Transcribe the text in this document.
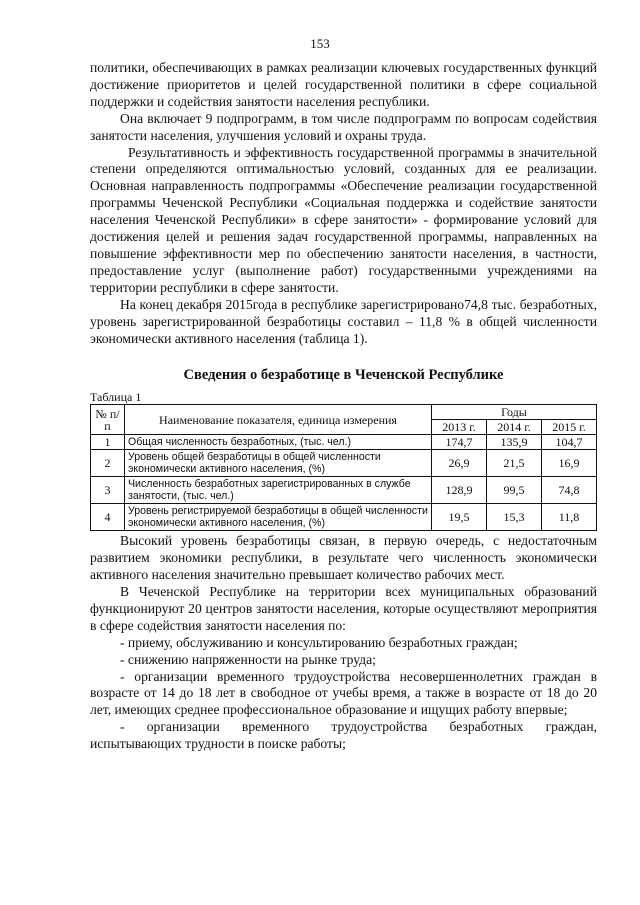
153

политики, обеспечивающих в рамках реализации ключевых государственных функций достижение приоритетов и целей государственной политики в сфере социальной поддержки и содействия занятости населения республики.

Она включает 9 подпрограмм, в том числе подпрограмм по вопросам содействия занятости населения, улучшения условий и охраны труда.

Результативность и эффективность государственной программы в значительной степени определяются оптимальностью условий, созданных для ее реализации. Основная направленность подпрограммы «Обеспечение реализации государственной программы Чеченской Республики «Социальная поддержка и содействие занятости населения Чеченской Республики» в сфере занятости» - формирование условий для достижения целей и решения задач государственной программы, направленных на повышение эффективности мер по обеспечению занятости населения, в частности, предоставление услуг (выполнение работ) государственными учреждениями на территории республики в сфере занятости.

На конец декабря 2015года в республике зарегистрировано74,8 тыс. безработных, уровень зарегистрированной безработицы составил – 11,8 % в общей численности экономически активного населения (таблица 1).

Сведения о безработице в Чеченской Республике
Таблица 1
№ п/п	Наименование показателя, единица измерения	Годы		
		2013 г.	2014 г.	2015 г.
1	Общая численность безработных, (тыс. чел.)	174,7	135,9	104,7
2	Уровень общей безработицы в общей численности экономически активного населения, (%)	26,9	21,5	16,9
3	Численность безработных зарегистрированных в службе занятости, (тыс. чел.)	128,9	99,5	74,8
4	Уровень регистрируемой безработицы в общей численности экономически активного населения, (%)	19,5	15,3	11,8

Высокий уровень безработицы связан, в первую очередь, с недостаточным развитием экономики республики, в результате чего численность экономически активного населения значительно превышает количество рабочих мест.

В Чеченской Республике на территории всех муниципальных образований функционируют 20 центров занятости населения, которые осуществляют мероприятия в сфере содействия занятости населения по:

- приему, обслуживанию и консультированию безработных граждан;

- снижению напряженности на рынке труда;

- организации временного трудоустройства несовершеннолетних граждан в возрасте от 14 до 18 лет в свободное от учебы время, а также в возрасте от 18 до 20 лет, имеющих среднее профессиональное образование и ищущих работу впервые;

- организации временного трудоустройства безработных граждан, испытывающих трудности в поиске работы;
